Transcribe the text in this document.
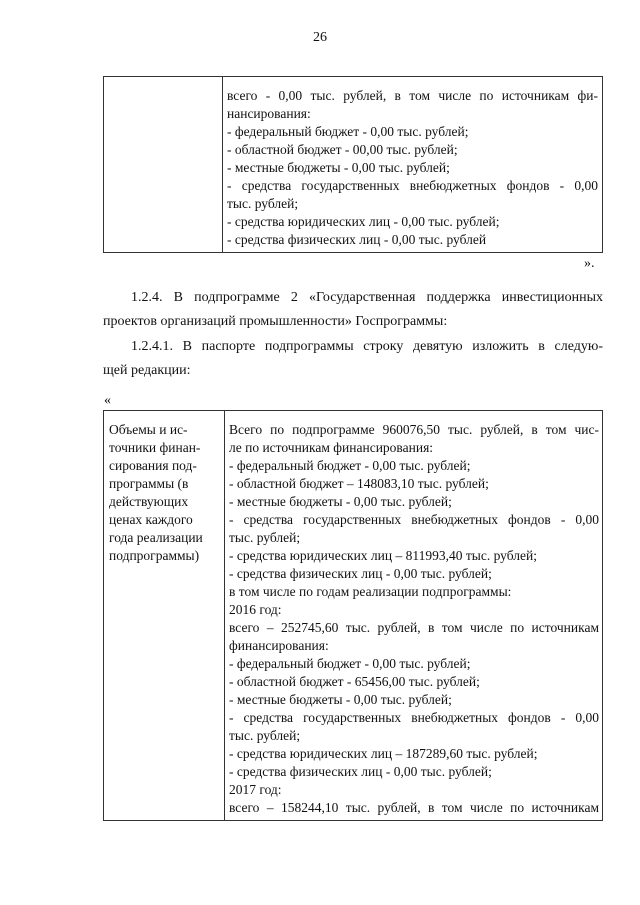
26

всего - 0,00 тыс. рублей, в том числе по источникам фи-
нансирования:
- федеральный бюджет - 0,00 тыс. рублей;
- областной бюджет - 00,00 тыс. рублей;
- местные бюджеты - 0,00 тыс. рублей;
- средства государственных внебюджетных фондов - 0,00
тыс. рублей;
- средства юридических лиц - 0,00 тыс. рублей;
- средства физических лиц - 0,00 тыс. рублей
».
1.2.4. В подпрограмме 2 «Государственная поддержка инвестиционных
проектов организаций промышленности» Госпрограммы:
1.2.4.1. В паспорте подпрограммы строку девятую изложить в следую-
щей редакции:
«
Объемы и ис-
точники финан-
сирования под-
программы (в
действующих
ценах каждого
года реализации
подпрограммы)

Всего по подпрограмме 960076,50 тыс. рублей, в том чис-
ле по источникам финансирования:
- федеральный бюджет - 0,00 тыс. рублей;
- областной бюджет – 148083,10 тыс. рублей;
- местные бюджеты - 0,00 тыс. рублей;
- средства государственных внебюджетных фондов - 0,00
тыс. рублей;
- средства юридических лиц – 811993,40 тыс. рублей;
- средства физических лиц - 0,00 тыс. рублей;
в том числе по годам реализации подпрограммы:
2016 год:
всего – 252745,60 тыс. рублей, в том числе по источникам
финансирования:
- федеральный бюджет - 0,00 тыс. рублей;
- областной бюджет - 65456,00 тыс. рублей;
- местные бюджеты - 0,00 тыс. рублей;
- средства государственных внебюджетных фондов - 0,00
тыс. рублей;
- средства юридических лиц – 187289,60 тыс. рублей;
- средства физических лиц - 0,00 тыс. рублей;
2017 год:
всего – 158244,10 тыс. рублей, в том числе по источникам
